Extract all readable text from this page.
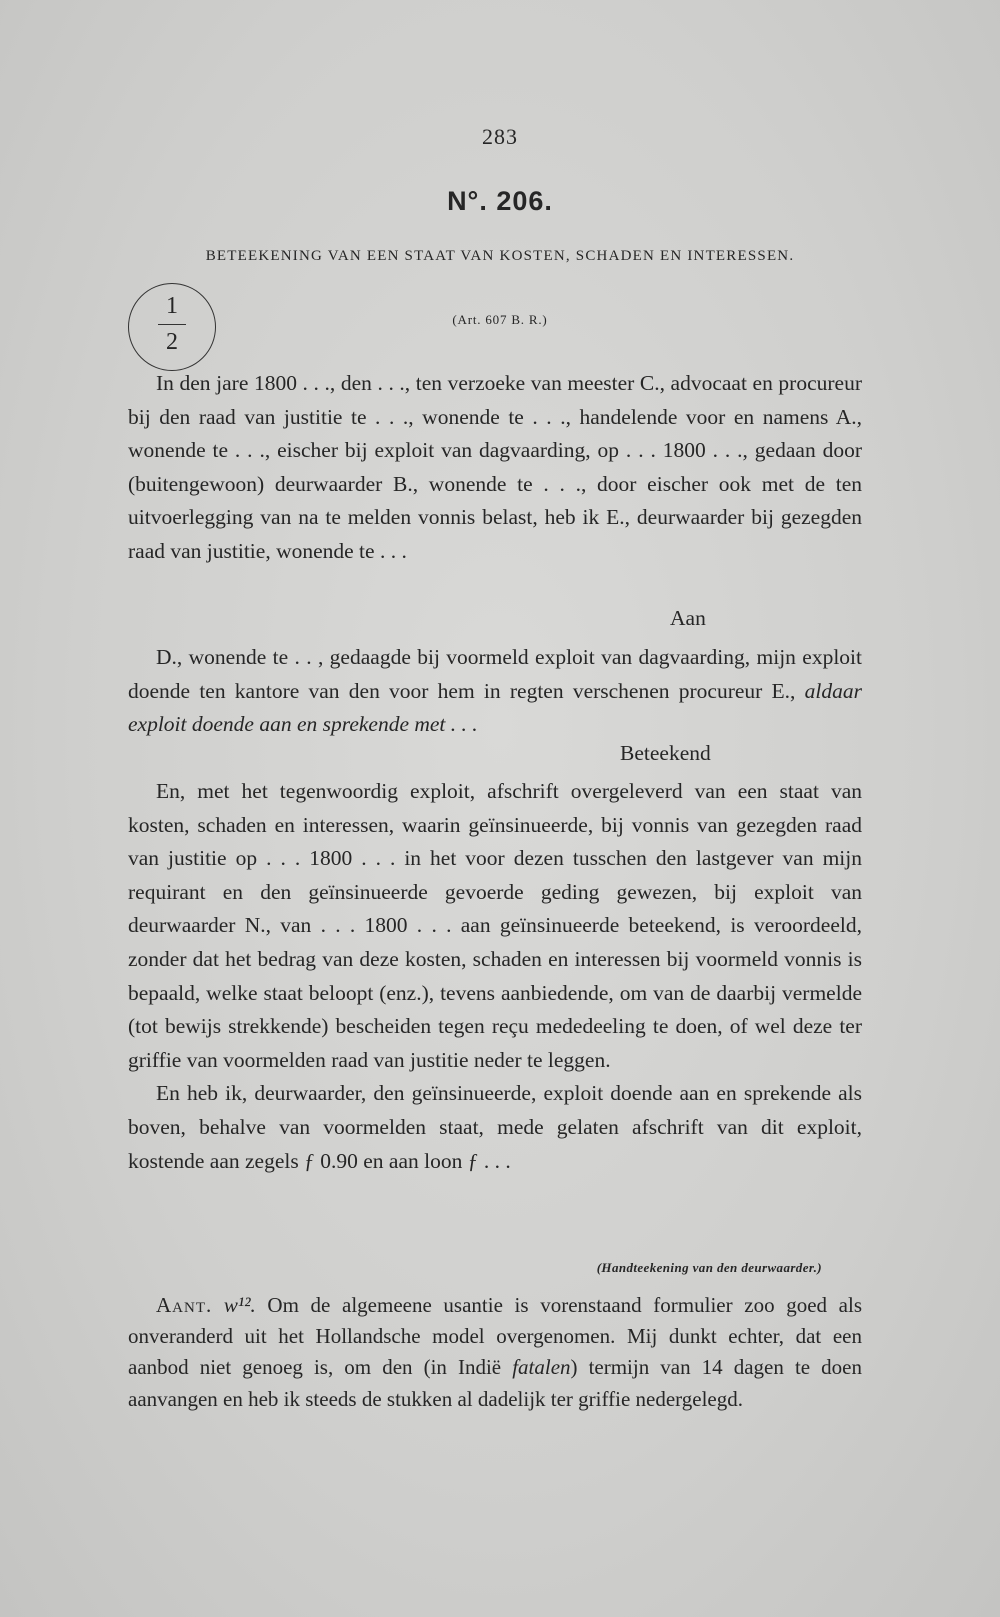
283
N°. 206.
BETEEKENING VAN EEN STAAT VAN KOSTEN, SCHADEN EN INTERESSEN.
1
2
(Art. 607 B. R.)

In den jare 1800 . . ., den . . ., ten verzoeke van meester C., advocaat en procureur bij den raad van justitie te . . ., wonende te . . ., handelende voor en namens A., wonende te . . ., eischer bij exploit van dagvaarding, op . . . 1800 . . ., gedaan door (buitengewoon) deurwaarder B., wonende te . . ., door eischer ook met de ten uitvoerlegging van na te melden vonnis belast, heb ik E., deurwaarder bij gezegden raad van justitie, wonende te . . .

Aan

D., wonende te . . , gedaagde bij voormeld exploit van dagvaarding, mijn exploit doende ten kantore van den voor hem in regten verschenen procureur E., aldaar exploit doende aan en sprekende met . . .

Beteekend

En, met het tegenwoordig exploit, afschrift overgeleverd van een staat van kosten, schaden en interessen, waarin geïnsinueerde, bij vonnis van gezegden raad van justitie op . . . 1800 . . . in het voor dezen tusschen den lastgever van mijn requirant en den geïnsinueerde gevoerde geding gewezen, bij exploit van deurwaarder N., van . . . 1800 . . . aan geïnsinueerde beteekend, is veroordeeld, zonder dat het bedrag van deze kosten, schaden en interessen bij voormeld vonnis is bepaald, welke staat beloopt (enz.), tevens aanbiedende, om van de daarbij vermelde (tot bewijs strekkende) bescheiden tegen reçu mededeeling te doen, of wel deze ter griffie van voormelden raad van justitie neder te leggen.

En heb ik, deurwaarder, den geïnsinueerde, exploit doende aan en sprekende als boven, behalve van voormelden staat, mede gelaten afschrift van dit exploit, kostende aan zegels ƒ 0.90 en aan loon ƒ . . .

(Handteekening van den deurwaarder.)

Aant. w¹². Om de algemeene usantie is vorenstaand formulier zoo goed als onveranderd uit het Hollandsche model overgenomen. Mij dunkt echter, dat een aanbod niet genoeg is, om den (in Indië fatalen) termijn van 14 dagen te doen aanvangen en heb ik steeds de stukken al dadelijk ter griffie nedergelegd.
